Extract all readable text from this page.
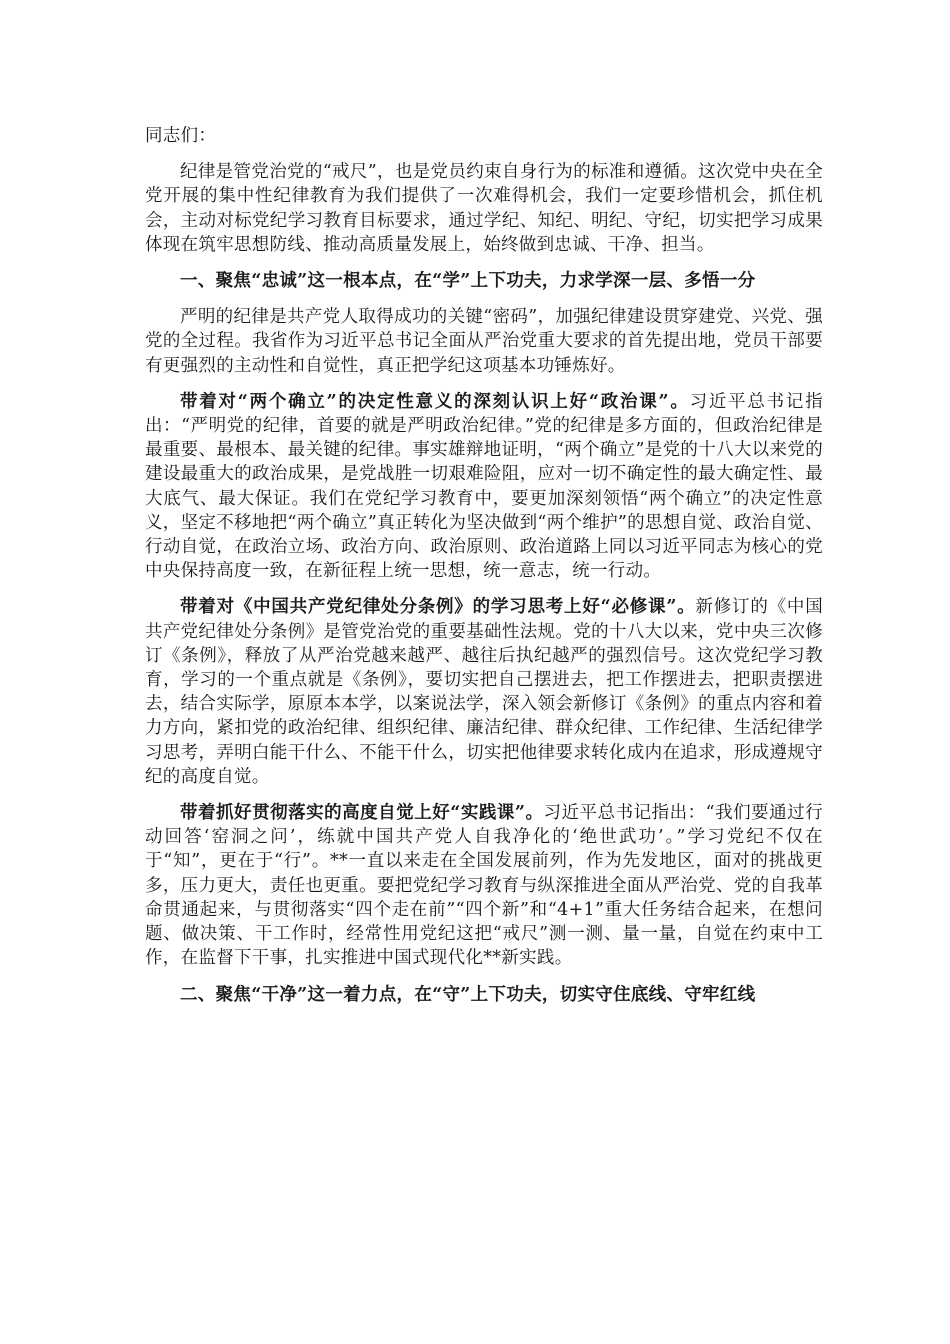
同志们：

纪律是管党治党的“戒尺”，也是党员约束自身行为的标准和遵循。这次党中央在全党开展的集中性纪律教育为我们提供了一次难得机会，我们一定要珍惜机会，抓住机会，主动对标党纪学习教育目标要求，通过学纪、知纪、明纪、守纪，切实把学习成果体现在筑牢思想防线、推动高质量发展上，始终做到忠诚、干净、担当。

一、聚焦“忠诚”这一根本点，在“学”上下功夫，力求学深一层、多悟一分

严明的纪律是共产党人取得成功的关键“密码”，加强纪律建设贯穿建党、兴党、强党的全过程。我省作为习近平总书记全面从严治党重大要求的首先提出地，党员干部要有更强烈的主动性和自觉性，真正把学纪这项基本功锤炼好。

带着对“两个确立”的决定性意义的深刻认识上好“政治课”。习近平总书记指出：“严明党的纪律，首要的就是严明政治纪律。”党的纪律是多方面的，但政治纪律是最重要、最根本、最关键的纪律。事实雄辩地证明，“两个确立”是党的十八大以来党的建设最重大的政治成果，是党战胜一切艰难险阻，应对一切不确定性的最大确定性、最大底气、最大保证。我们在党纪学习教育中，要更加深刻领悟“两个确立”的决定性意义，坚定不移地把“两个确立”真正转化为坚决做到“两个维护”的思想自觉、政治自觉、行动自觉，在政治立场、政治方向、政治原则、政治道路上同以习近平同志为核心的党中央保持高度一致，在新征程上统一思想，统一意志，统一行动。

带着对《中国共产党纪律处分条例》的学习思考上好“必修课”。新修订的《中国共产党纪律处分条例》是管党治党的重要基础性法规。党的十八大以来，党中央三次修订《条例》，释放了从严治党越来越严、越往后执纪越严的强烈信号。这次党纪学习教育，学习的一个重点就是《条例》，要切实把自己摆进去，把工作摆进去，把职责摆进去，结合实际学，原原本本学，以案说法学，深入领会新修订《条例》的重点内容和着力方向，紧扣党的政治纪律、组织纪律、廉洁纪律、群众纪律、工作纪律、生活纪律学习思考，弄明白能干什么、不能干什么，切实把他律要求转化成内在追求，形成遵规守纪的高度自觉。

带着抓好贯彻落实的高度自觉上好“实践课”。习近平总书记指出：“我们要通过行动回答‘窑洞之问’，练就中国共产党人自我净化的‘绝世武功’。”学习党纪不仅在于“知”，更在于“行”。**一直以来走在全国发展前列，作为先发地区，面对的挑战更多，压力更大，责任也更重。要把党纪学习教育与纵深推进全面从严治党、党的自我革命贯通起来，与贯彻落实“四个走在前”“四个新”和“4+1”重大任务结合起来，在想问题、做决策、干工作时，经常性用党纪这把“戒尺”测一测、量一量，自觉在约束中工作，在监督下干事，扎实推进中国式现代化**新实践。

二、聚焦“干净”这一着力点，在“守”上下功夫，切实守住底线、守牢红线
